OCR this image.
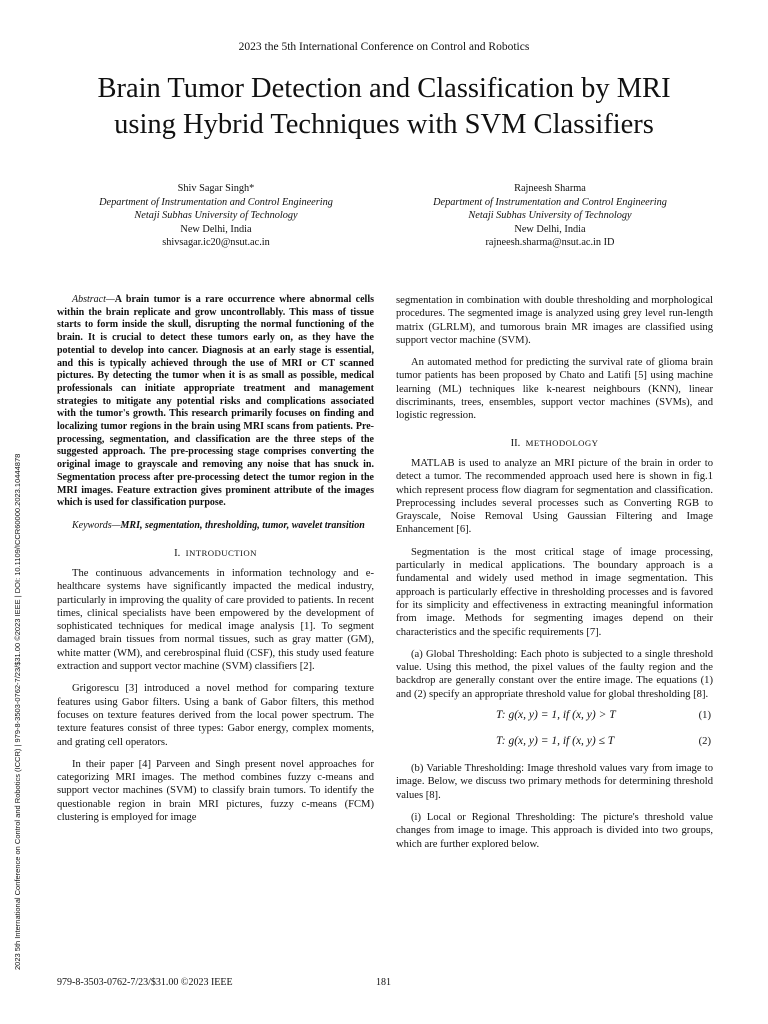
2023 the 5th International Conference on Control and Robotics
Brain Tumor Detection and Classification by MRI
using Hybrid Techniques with SVM Classifiers
Shiv Sagar Singh*
Department of Instrumentation and Control Engineering
Netaji Subhas University of Technology
New Delhi, India
shivsagar.ic20@nsut.ac.in
Rajneesh Sharma
Department of Instrumentation and Control Engineering
Netaji Subhas University of Technology
New Delhi, India
rajneesh.sharma@nsut.ac.in ID
2023 5th International Conference on Control and Robotics (ICCR) | 979-8-3503-0762-7/23/$31.00 ©2023 IEEE | DOI: 10.1109/ICCR60000.2023.10444878

Abstract—A brain tumor is a rare occurrence where abnormal cells within the brain replicate and grow uncontrollably. This mass of tissue starts to form inside the skull, disrupting the normal functioning of the brain. It is crucial to detect these tumors early on, as they have the potential to develop into cancer. Diagnosis at an early stage is essential, and this is typically achieved through the use of MRI or CT scanned pictures. By detecting the tumor when it is as small as possible, medical professionals can initiate appropriate treatment and management strategies to mitigate any potential risks and complications associated with the tumor's growth. This research primarily focuses on finding and localizing tumor regions in the brain using MRI scans from patients. Pre-processing, segmentation, and classification are the three steps of the suggested approach. The pre-processing stage comprises converting the original image to grayscale and removing any noise that has snuck in. Segmentation process after pre-processing detect the tumor region in the MRI images. Feature extraction gives prominent attribute of the images which is used for classification purpose.

Keywords—MRI, segmentation, thresholding, tumor, wavelet transition

I. INTRODUCTION

The continuous advancements in information technology and e-healthcare systems have significantly impacted the medical industry, particularly in improving the quality of care provided to patients. In recent times, clinical specialists have been empowered by the development of sophisticated techniques for medical image analysis [1]. To segment damaged brain tissues from normal tissues, such as gray matter (GM), white matter (WM), and cerebrospinal fluid (CSF), this study used feature extraction and support vector machine (SVM) classifiers [2].

Grigorescu [3] introduced a novel method for comparing texture features using Gabor filters. Using a bank of Gabor filters, this method focuses on texture features derived from the local power spectrum. The texture features consist of three types: Gabor energy, complex moments, and grating cell operators.

In their paper [4] Parveen and Singh present novel approaches for categorizing MRI images. The method combines fuzzy c-means and support vector machines (SVM) to classify brain tumors. To identify the questionable region in brain MRI pictures, fuzzy c-means (FCM) clustering is employed for image

segmentation in combination with double thresholding and morphological procedures. The segmented image is analyzed using grey level run-length matrix (GLRLM), and tumorous brain MR images are classified using support vector machine (SVM).

An automated method for predicting the survival rate of glioma brain tumor patients has been proposed by Chato and Latifi [5] using machine learning (ML) techniques like k-nearest neighbours (KNN), linear discriminants, trees, ensembles, support vector machines (SVMs), and logistic regression.

II. METHODOLOGY

MATLAB is used to analyze an MRI picture of the brain in order to detect a tumor. The recommended approach used here is shown in fig.1 which represent process flow diagram for segmentation and classification. Preprocessing includes several processes such as Converting RGB to Grayscale, Noise Removal Using Gaussian Filtering and Image Enhancement [6].

Segmentation is the most critical stage of image processing, particularly in medical applications. The boundary approach is a fundamental and widely used method in image segmentation. This approach is particularly effective in thresholding processes and is favored for its simplicity and effectiveness in extracting meaningful information from image. Methods for segmenting images depend on their characteristics and the specific requirements [7].

(a) Global Thresholding: Each photo is subjected to a single threshold value. Using this method, the pixel values of the faulty region and the backdrop are generally constant over the entire image. The equations (1) and (2) specify an appropriate threshold value for global thresholding [8].

T: g(x, y) = 1, if (x, y) > T	(1)
T: g(x, y) = 1, if (x, y) ≤ T	(2)

(b) Variable Thresholding: Image threshold values vary from image to image. Below, we discuss two primary methods for determining threshold values [8].

(i) Local or Regional Thresholding: The picture's threshold value changes from image to image. This approach is divided into two groups, which are further explored below.

979-8-3503-0762-7/23/$31.00 ©2023 IEEE	181
